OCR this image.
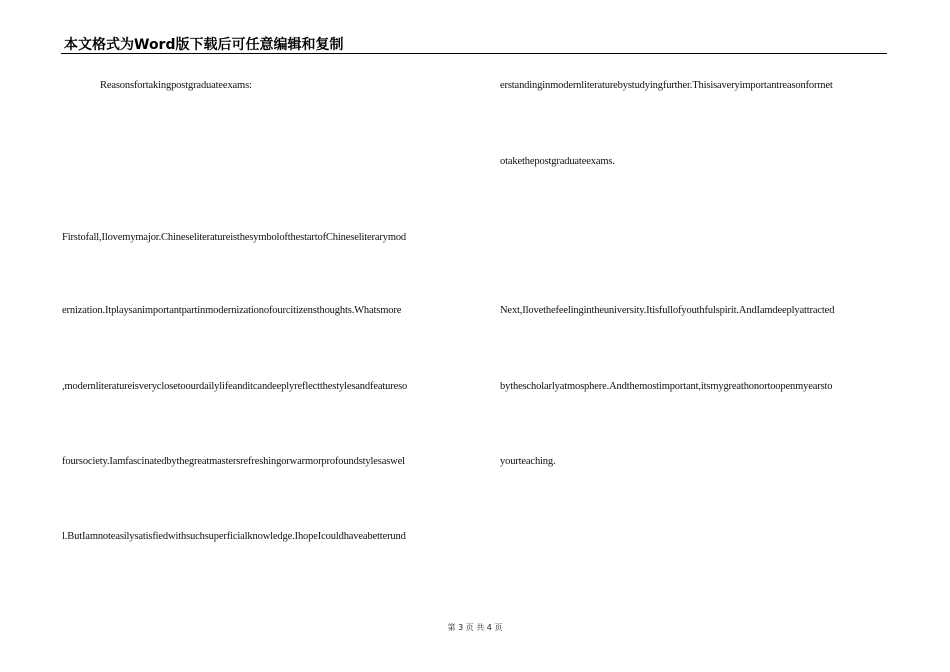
本文格式为Word版下载后可任意编辑和复制
Reasonsfortakingpostgraduateexams:
Firstofall,Ilovemymajor.ChineseliteratureisthesymbolofthestartofChineseliterarymod
ernization.Itplaysanimportantpartinmodernizationofourcitizensthoughts.Whatsmore
,modernliteratureisveryclosetoourdailylifeanditcandeeplyreflectthestylesandfeatureso
foursociety.Iamfascinatedbythegreatmastersrefreshingorwarmorprofoundstylesaswel
l.ButIamnoteasilysatisfiedwithsuchsuperficialknowledge.IhopeIcouldhaveabetterund
erstandinginmodernliteraturebystudyingfurther.Thisisaveryimportantreasonformet
otakethepostgraduateexams.
Next,Ilovethefeelingintheuniversity.Itisfullofyouthfulspirit.AndIamdeeplyattracted
bythescholarlyatmosphere.Andthemostimportant,itsmygreathonortoopenmyearsto
yourteaching.
第 3 页 共 4 页
